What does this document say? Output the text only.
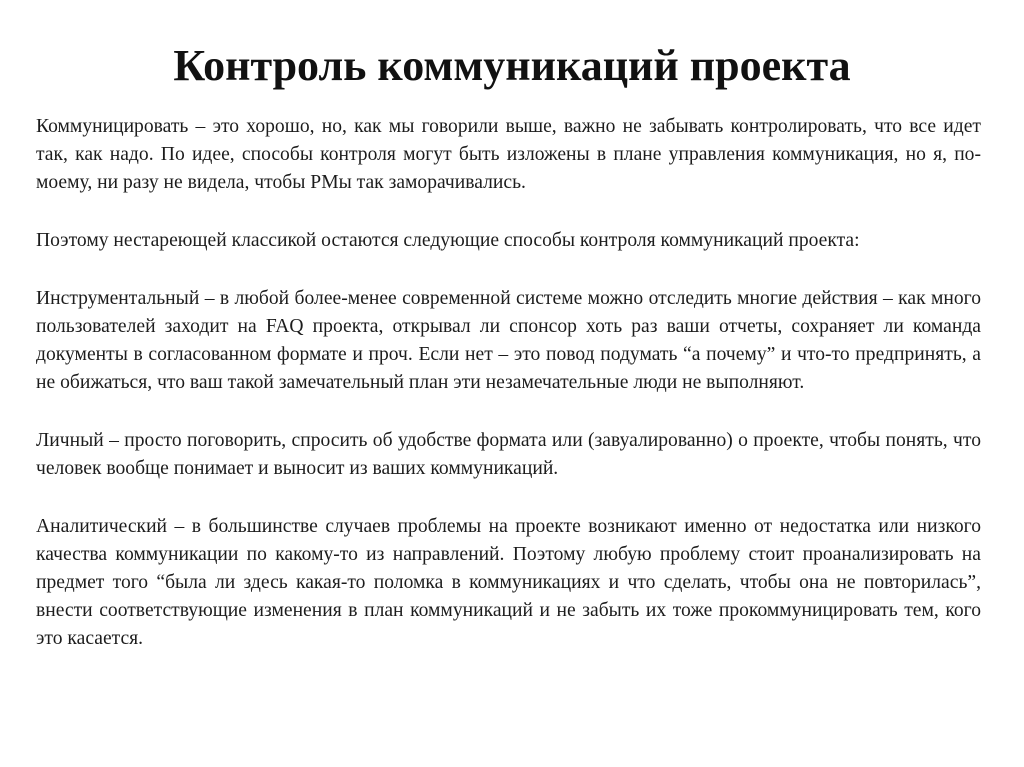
Контроль коммуникаций проекта

Коммуницировать – это хорошо, но, как мы говорили выше, важно не забывать контролировать, что все идет так, как надо. По идее, способы контроля могут быть изложены в плане управления коммуникация, но я, по-моему, ни разу не видела, чтобы РМы так заморачивались.

Поэтому нестареющей классикой остаются следующие способы контроля коммуникаций проекта:

Инструментальный – в любой более-менее современной системе можно отследить многие действия – как много пользователей заходит на FAQ проекта, открывал ли спонсор хоть раз ваши отчеты, сохраняет ли команда документы в согласованном формате и проч. Если нет – это повод подумать “а почему” и что-то предпринять, а не обижаться, что ваш такой замечательный план эти незамечательные люди не выполняют.

Личный – просто поговорить, спросить об удобстве формата или (завуалированно) о проекте, чтобы понять, что человек вообще понимает и выносит из ваших коммуникаций.

Аналитический – в большинстве случаев проблемы на проекте возникают именно от недостатка или низкого качества коммуникации по какому-то из направлений. Поэтому любую проблему стоит проанализировать на предмет того “была ли здесь какая-то поломка в коммуникациях и что сделать, чтобы она не повторилась”, внести соответствующие изменения в план коммуникаций и не забыть их тоже прокоммуницировать тем, кого это касается.
